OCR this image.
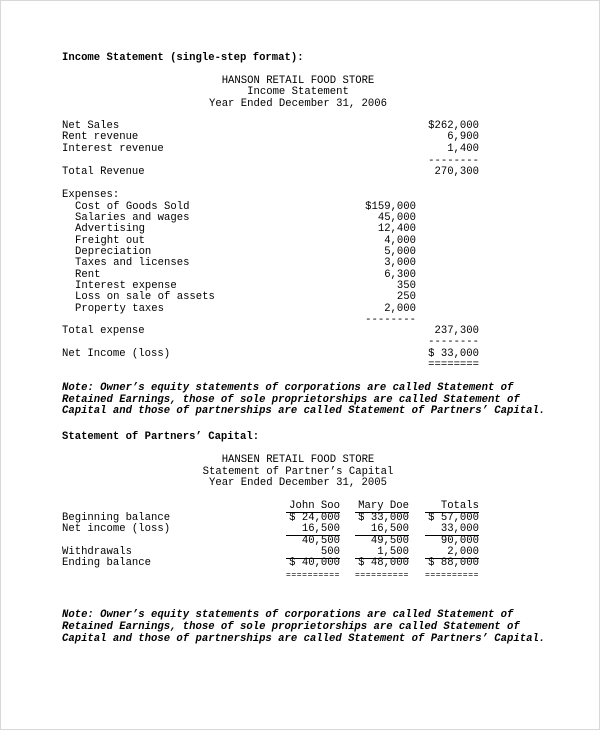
Income Statement (single-step format):
HANSON RETAIL FOOD STORE
Income Statement
Year Ended December 31, 2006
Net Sales	$262,000
Rent revenue	6,900
Interest revenue	1,400
--------
Total Revenue	270,300
Expenses:
Cost of Goods Sold	$159,000
Salaries and wages	45,000
Advertising	12,400
Freight out	4,000
Depreciation	5,000
Taxes and licenses	3,000
Rent	6,300
Interest expense	350
Loss on sale of assets	250
Property taxes	2,000
--------
Total expense	237,300
--------
Net Income (loss)	$ 33,000
========
Note: Owner’s equity statements of corporations are called Statement of
Retained Earnings, those of sole proprietorships are called Statement of
Capital and those of partnerships are called Statement of Partners’ Capital.
Statement of Partners’ Capital:
HANSEN RETAIL FOOD STORE
Statement of Partner’s Capital
Year Ended December 31, 2005
John Soo Mary Doe	Totals
Beginning balance	$ 24,000 $ 33,000 $ 57,000
Net income (loss)	16,500	16,500	33,000
40,500	49,500	90,000
Withdrawals	500	1,500	2,000
Ending balance	$ 40,000 $ 48,000 $ 88,000
========== ========== ==========
Note: Owner’s equity statements of corporations are called Statement of
Retained Earnings, those of sole proprietorships are called Statement of
Capital and those of partnerships are called Statement of Partners’ Capital.
